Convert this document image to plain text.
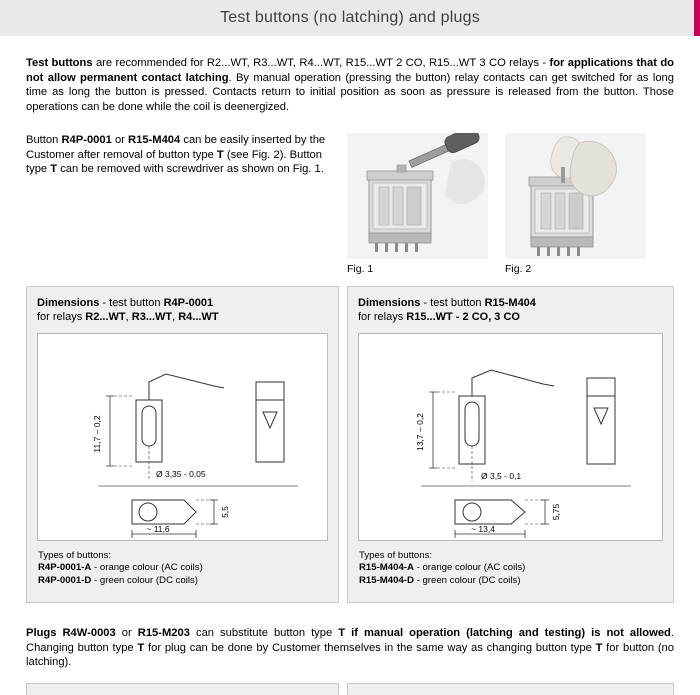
Test buttons (no latching) and plugs
Test buttons are recommended for R2...WT, R3...WT, R4...WT, R15...WT 2 CO, R15...WT 3 CO relays - for applications that do not allow permanent contact latching. By manual operation (pressing the button) relay contacts can get switched for as long time as long the button is pressed. Contacts return to initial position as soon as pressure is released from the button. Those operations can be done while the coil is deenergized.
Button R4P-0001 or R15-M404 can be easily inserted by the Customer after removal of button type T (see Fig. 2). Button type T can be removed with screwdriver as shown on Fig. 1.
Fig. 1	Fig. 2
Dimensions - test button R4P-0001
for relays R2...WT, R3...WT, R4...WT
11,7 – 0,2
Ø 3,35 - 0,05
~ 11,6
5,5
Types of buttons:
R4P-0001-A - orange colour (AC coils)
R4P-0001-D - green colour (DC coils)
Dimensions - test button R15-M404
for relays R15...WT - 2 CO, 3 CO
13,7 – 0,2
Ø 3,5 - 0,1
~ 13,4
5,75
Types of buttons:
R15-M404-A - orange colour (AC coils)
R15-M404-D - green colour (DC coils)
Plugs R4W-0003 or R15-M203 can substitute button type T if manual operation (latching and testing) is not allowed. Changing button type T for plug can be done by Customer themselves in the same way as changing button type T for button (no latching).
